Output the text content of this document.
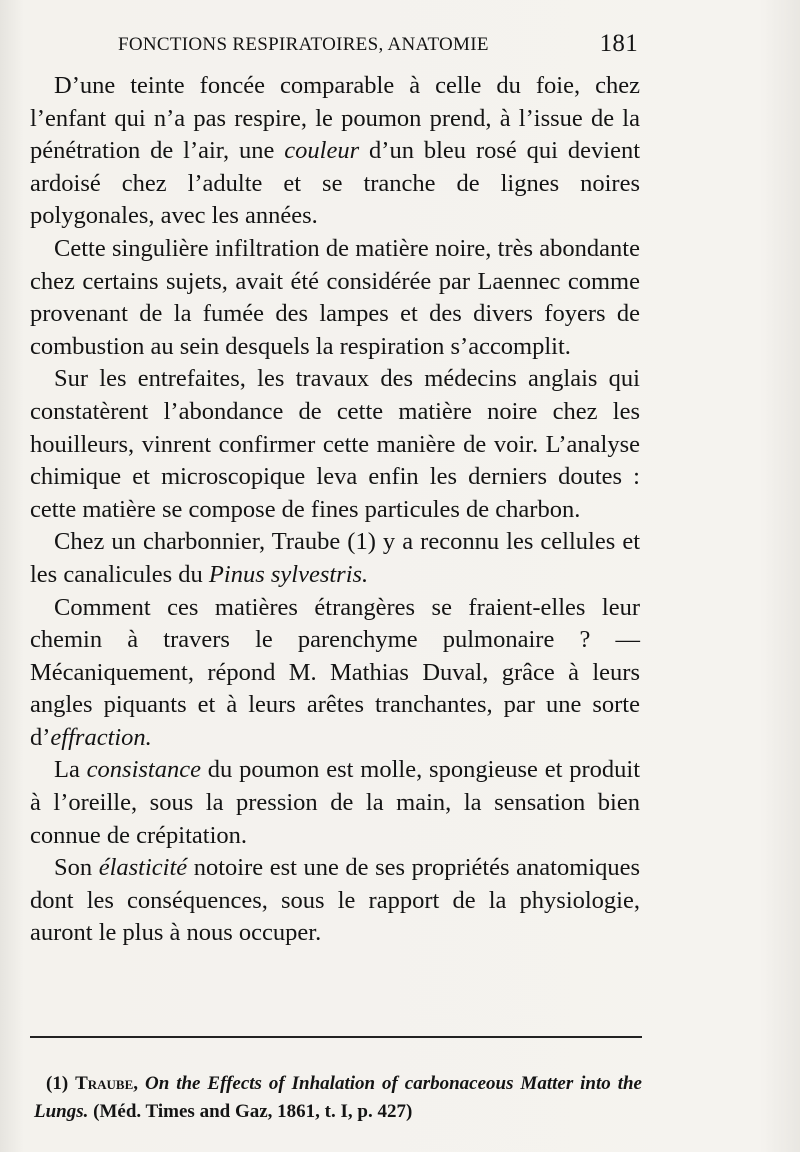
FONCTIONS RESPIRATOIRES, ANATOMIE	181

D’une teinte foncée comparable à celle du foie, chez l’enfant qui n’a pas respire, le poumon prend, à l’issue de la pénétration de l’air, une couleur d’un bleu rosé qui devient ardoisé chez l’adulte et se tranche de lignes noires polygonales, avec les années.

Cette singulière infiltration de matière noire, très abondante chez certains sujets, avait été considérée par Laennec comme provenant de la fumée des lampes et des divers foyers de combustion au sein desquels la respiration s’accomplit.

Sur les entrefaites, les travaux des médecins anglais qui constatèrent l’abondance de cette matière noire chez les houilleurs, vinrent confirmer cette manière de voir. L’analyse chimique et microscopique leva enfin les derniers doutes : cette matière se compose de fines particules de charbon.

Chez un charbonnier, Traube (1) y a reconnu les cellules et les canalicules du Pinus sylvestris.

Comment ces matières étrangères se fraient-elles leur chemin à travers le parenchyme pulmonaire ? — Mécaniquement, répond M. Mathias Duval, grâce à leurs angles piquants et à leurs arêtes tranchantes, par une sorte d’effraction.

La consistance du poumon est molle, spongieuse et produit à l’oreille, sous la pression de la main, la sensation bien connue de crépitation.

Son élasticité notoire est une de ses propriétés anatomiques dont les conséquences, sous le rapport de la physiologie, auront le plus à nous occuper.

(1) Traube, On the Effects of Inhalation of carbonaceous Matter into the Lungs. (Méd. Times and Gaz, 1861, t. I, p. 427)
